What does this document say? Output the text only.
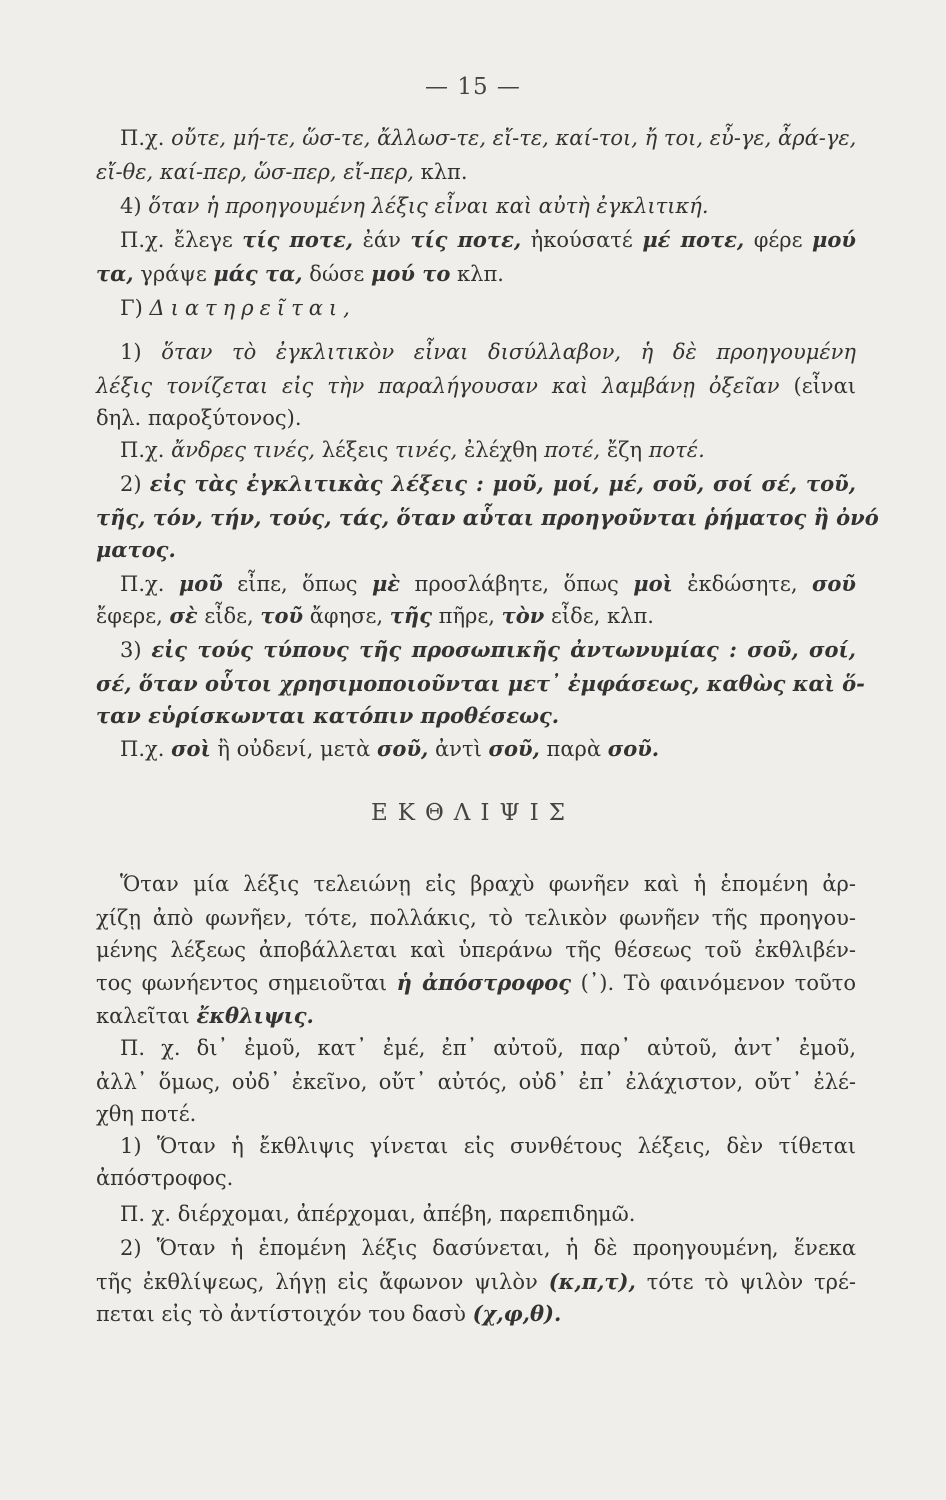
— 15 —
Π.χ. οὔτε, μή-τε, ὥσ-τε, ἄλλωσ-τε, εἴ-τε, καί-τοι, ἤ τοι, εὖ-γε, ἆρά-γε,
εἴ-θε, καί-περ, ὥσ-περ, εἴ-περ, κλπ.
4) ὅταν ἡ προηγουμένη λέξις εἶναι καὶ αὐτὴ ἐγκλιτική.
Π.χ. ἔλεγε τίς ποτε, ἐάν τίς ποτε, ἠκούσατέ μέ ποτε, φέρε μού
τα, γράψε μάς τα, δώσε μού το κλπ.
Γ) Διατηρεῖται,
1) ὅταν τὸ ἐγκλιτικὸν εἶναι δισύλλαβον, ἡ δὲ προηγουμένη
λέξις τονίζεται εἰς τὴν παραλήγουσαν καὶ λαμβάνῃ ὀξεῖαν (εἶναι
δηλ. παροξύτονος).
Π.χ. ἄνδρες τινές, λέξεις τινές, ἐλέχθη ποτέ, ἔζη ποτέ.
2) εἰς τὰς ἐγκλιτικὰς λέξεις : μοῦ, μοί, μέ, σοῦ, σοί σέ, τοῦ,
τῆς, τόν, τήν, τούς, τάς, ὅταν αὗται προηγοῦνται ῥήματος ἢ ὀνό
ματος.
Π.χ. μοῦ εἶπε, ὅπως μὲ προσλάβητε, ὅπως μοὶ ἐκδώσητε, σοῦ
ἔφερε, σὲ εἶδε, τοῦ ἄφησε, τῆς πῆρε, τὸν εἶδε, κλπ.
3) εἰς τούς τύπους τῆς προσωπικῆς ἀντωνυμίας : σοῦ, σοί,
σέ, ὅταν οὗτοι χρησιμοποιοῦνται μετ᾽ ἐμφάσεως, καθὼς καὶ ὅ-
ταν εὑρίσκωνται κατόπιν προθέσεως.
Π.χ. σοὶ ἢ οὐδενί, μετὰ σοῦ, ἀντὶ σοῦ, παρὰ σοῦ.
ΕΚΘΛΙΨΙΣ
Ὅταν μία λέξις τελειώνῃ εἰς βραχὺ φωνῆεν καὶ ἡ ἑπομένη ἀρ-
χίζῃ ἀπὸ φωνῆεν, τότε, πολλάκις, τὸ τελικὸν φωνῆεν τῆς προηγου-
μένης λέξεως ἀποβάλλεται καὶ ὑπεράνω τῆς θέσεως τοῦ ἐκθλιβέν-
τος φωνήεντος σημειοῦται ἡ ἀπόστροφος (᾽). Τὸ φαινόμενον τοῦτο
καλεῖται ἔκθλιψις.
Π. χ. δι᾽ ἐμοῦ, κατ᾽ ἐμέ, ἐπ᾽ αὐτοῦ, παρ᾽ αὐτοῦ, ἀντ᾽ ἐμοῦ,
ἀλλ᾽ ὅμως, οὐδ᾽ ἐκεῖνο, οὔτ᾽ αὐτός, οὐδ᾽ ἐπ᾽ ἐλάχιστον, οὔτ᾽ ἐλέ-
χθη ποτέ.
1) Ὅταν ἡ ἔκθλιψις γίνεται εἰς συνθέτους λέξεις, δὲν τίθεται
ἀπόστροφος.
Π. χ. διέρχομαι, ἀπέρχομαι, ἀπέβη, παρεπιδημῶ.
2) Ὅταν ἡ ἑπομένη λέξις δασύνεται, ἡ δὲ προηγουμένη, ἕνεκα
τῆς ἐκθλίψεως, λήγῃ εἰς ἄφωνον ψιλὸν (κ,π,τ), τότε τὸ ψιλὸν τρέ-
πεται εἰς τὸ ἀντίστοιχόν του δασὺ (χ,φ,θ).
